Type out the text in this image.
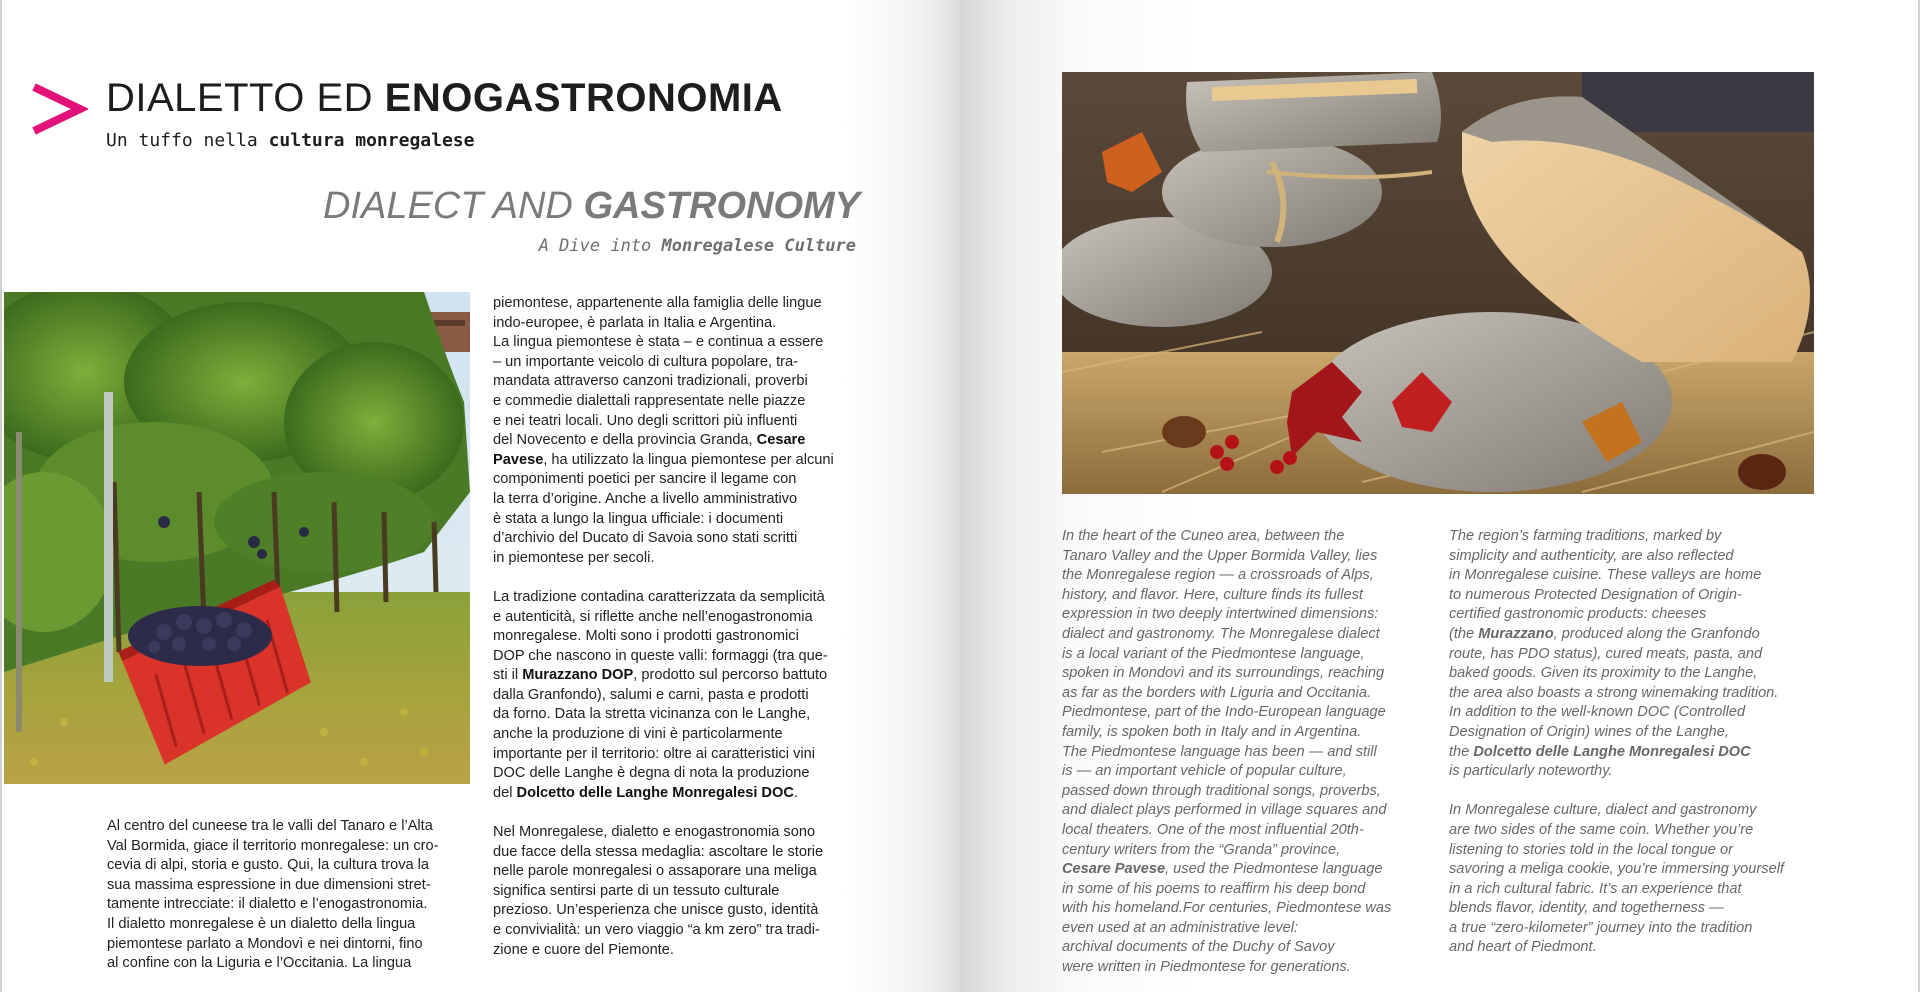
DIALETTO ED ENOGASTRONOMIA

Un tuffo nella cultura monregalese

DIALECT AND GASTRONOMY

A Dive into Monregalese Culture

Al centro del cuneese tra le valli del Tanaro e l’Alta
Val Bormida, giace il territorio monregalese: un cro-
cevia di alpi, storia e gusto. Qui, la cultura trova la
sua massima espressione in due dimensioni stret-
tamente intrecciate: il dialetto e l’enogastronomia.
Il dialetto monregalese è un dialetto della lingua
piemontese parlato a Mondovì e nei dintorni, fino
al confine con la Liguria e l’Occitania. La lingua

piemontese, appartenente alla famiglia delle lingue
indo-europee, è parlata in Italia e Argentina.
La lingua piemontese è stata – e continua a essere
– un importante veicolo di cultura popolare, tra-
mandata attraverso canzoni tradizionali, proverbi
e commedie dialettali rappresentate nelle piazze
e nei teatri locali. Uno degli scrittori più influenti
del Novecento e della provincia Granda, Cesare
Pavese, ha utilizzato la lingua piemontese per alcuni
componimenti poetici per sancire il legame con
la terra d’origine. Anche a livello amministrativo
è stata a lungo la lingua ufficiale: i documenti
d’archivio del Ducato di Savoia sono stati scritti
in piemontese per secoli.

La tradizione contadina caratterizzata da semplicità
e autenticità, si riflette anche nell’enogastronomia
monregalese. Molti sono i prodotti gastronomici
DOP che nascono in queste valli: formaggi (tra que-
sti il Murazzano DOP, prodotto sul percorso battuto
dalla Granfondo), salumi e carni, pasta e prodotti
da forno. Data la stretta vicinanza con le Langhe,
anche la produzione di vini è particolarmente
importante per il territorio: oltre ai caratteristici vini
DOC delle Langhe è degna di nota la produzione
del Dolcetto delle Langhe Monregalesi DOC.

Nel Monregalese, dialetto e enogastronomia sono
due facce della stessa medaglia: ascoltare le storie
nelle parole monregalesi o assaporare una meliga
significa sentirsi parte di un tessuto culturale
prezioso. Un’esperienza che unisce gusto, identità
e convivialità: un vero viaggio “a km zero” tra tradi-
zione e cuore del Piemonte.

In the heart of the Cuneo area, between the
Tanaro Valley and the Upper Bormida Valley, lies
the Monregalese region — a crossroads of Alps,
history, and flavor. Here, culture finds its fullest
expression in two deeply intertwined dimensions:
dialect and gastronomy. The Monregalese dialect
is a local variant of the Piedmontese language,
spoken in Mondovì and its surroundings, reaching
as far as the borders with Liguria and Occitania.
Piedmontese, part of the Indo-European language
family, is spoken both in Italy and in Argentina.
The Piedmontese language has been — and still
is — an important vehicle of popular culture,
passed down through traditional songs, proverbs,
and dialect plays performed in village squares and
local theaters. One of the most influential 20th-
century writers from the “Granda” province,
Cesare Pavese, used the Piedmontese language
in some of his poems to reaffirm his deep bond
with his homeland.For centuries, Piedmontese was
even used at an administrative level:
archival documents of the Duchy of Savoy
were written in Piedmontese for generations.

The region’s farming traditions, marked by
simplicity and authenticity, are also reflected
in Monregalese cuisine. These valleys are home
to numerous Protected Designation of Origin-
certified gastronomic products: cheeses
(the Murazzano, produced along the Granfondo
route, has PDO status), cured meats, pasta, and
baked goods. Given its proximity to the Langhe,
the area also boasts a strong winemaking tradition.
In addition to the well-known DOC (Controlled
Designation of Origin) wines of the Langhe,
the Dolcetto delle Langhe Monregalesi DOC
is particularly noteworthy.

In Monregalese culture, dialect and gastronomy
are two sides of the same coin. Whether you’re
listening to stories told in the local tongue or
savoring a meliga cookie, you’re immersing yourself
in a rich cultural fabric. It’s an experience that
blends flavor, identity, and togetherness —
a true “zero-kilometer” journey into the tradition
and heart of Piedmont.
